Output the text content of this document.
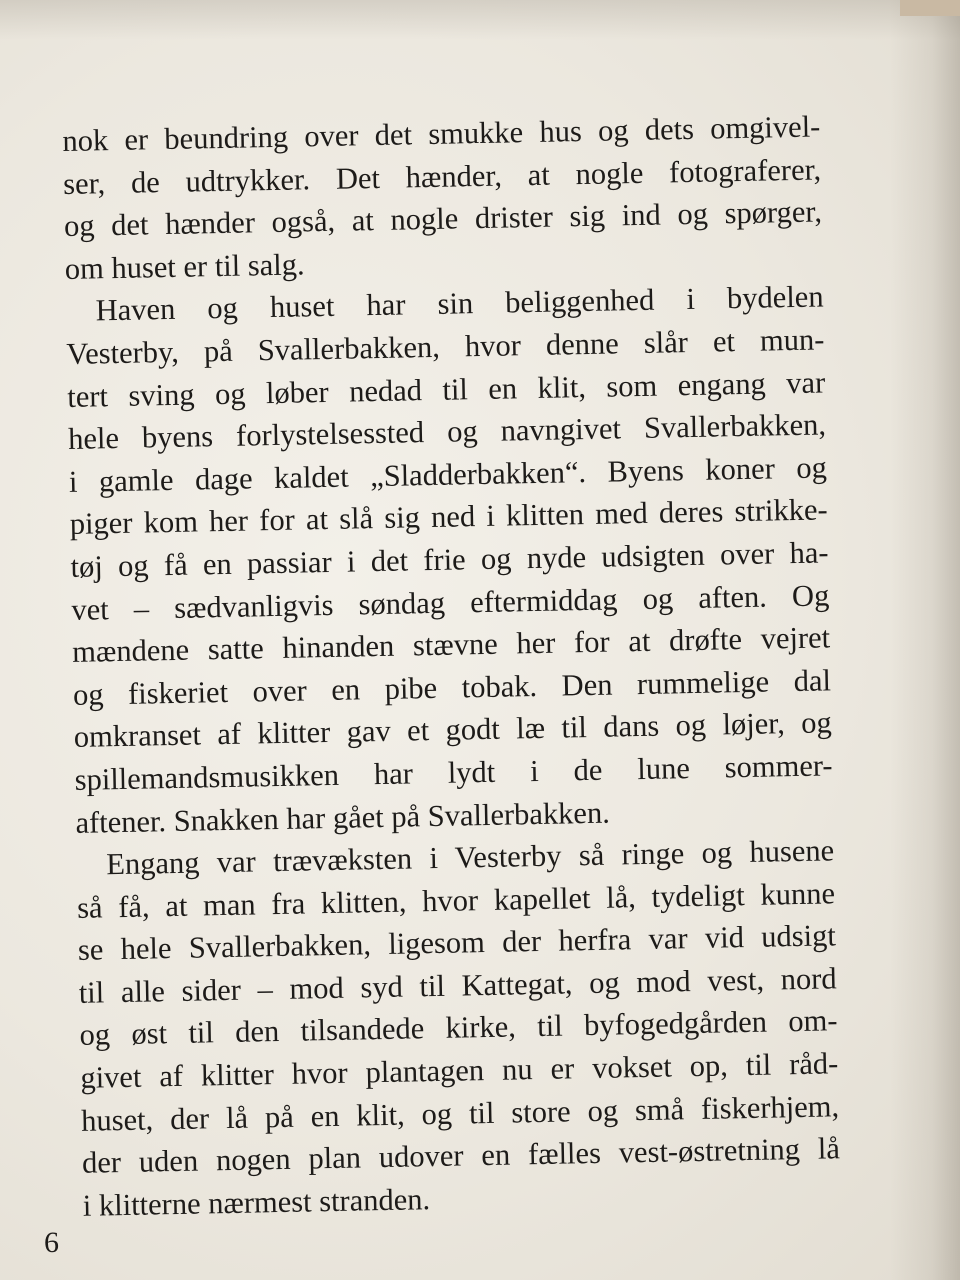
nok er beundring over det smukke hus og dets omgivel-
ser, de udtrykker. Det hænder, at nogle fotograferer,
og det hænder også, at nogle drister sig ind og spørger,
om huset er til salg.
Haven og huset har sin beliggenhed i bydelen
Vesterby, på Svallerbakken, hvor denne slår et mun-
tert sving og løber nedad til en klit, som engang var
hele byens forlystelsessted og navngivet Svallerbakken,
i gamle dage kaldet „Sladderbakken“. Byens koner og
piger kom her for at slå sig ned i klitten med deres strikke-
tøj og få en passiar i det frie og nyde udsigten over ha-
vet – sædvanligvis søndag eftermiddag og aften. Og
mændene satte hinanden stævne her for at drøfte vejret
og fiskeriet over en pibe tobak. Den rummelige dal
omkranset af klitter gav et godt læ til dans og løjer, og
spillemandsmusikken har lydt i de lune sommer-
aftener. Snakken har gået på Svallerbakken.
Engang var trævæksten i Vesterby så ringe og husene
så få, at man fra klitten, hvor kapellet lå, tydeligt kunne
se hele Svallerbakken, ligesom der herfra var vid udsigt
til alle sider – mod syd til Kattegat, og mod vest, nord
og øst til den tilsandede kirke, til byfogedgården om-
givet af klitter hvor plantagen nu er vokset op, til råd-
huset, der lå på en klit, og til store og små fiskerhjem,
der uden nogen plan udover en fælles vest-østretning lå
i klitterne nærmest stranden.
6
